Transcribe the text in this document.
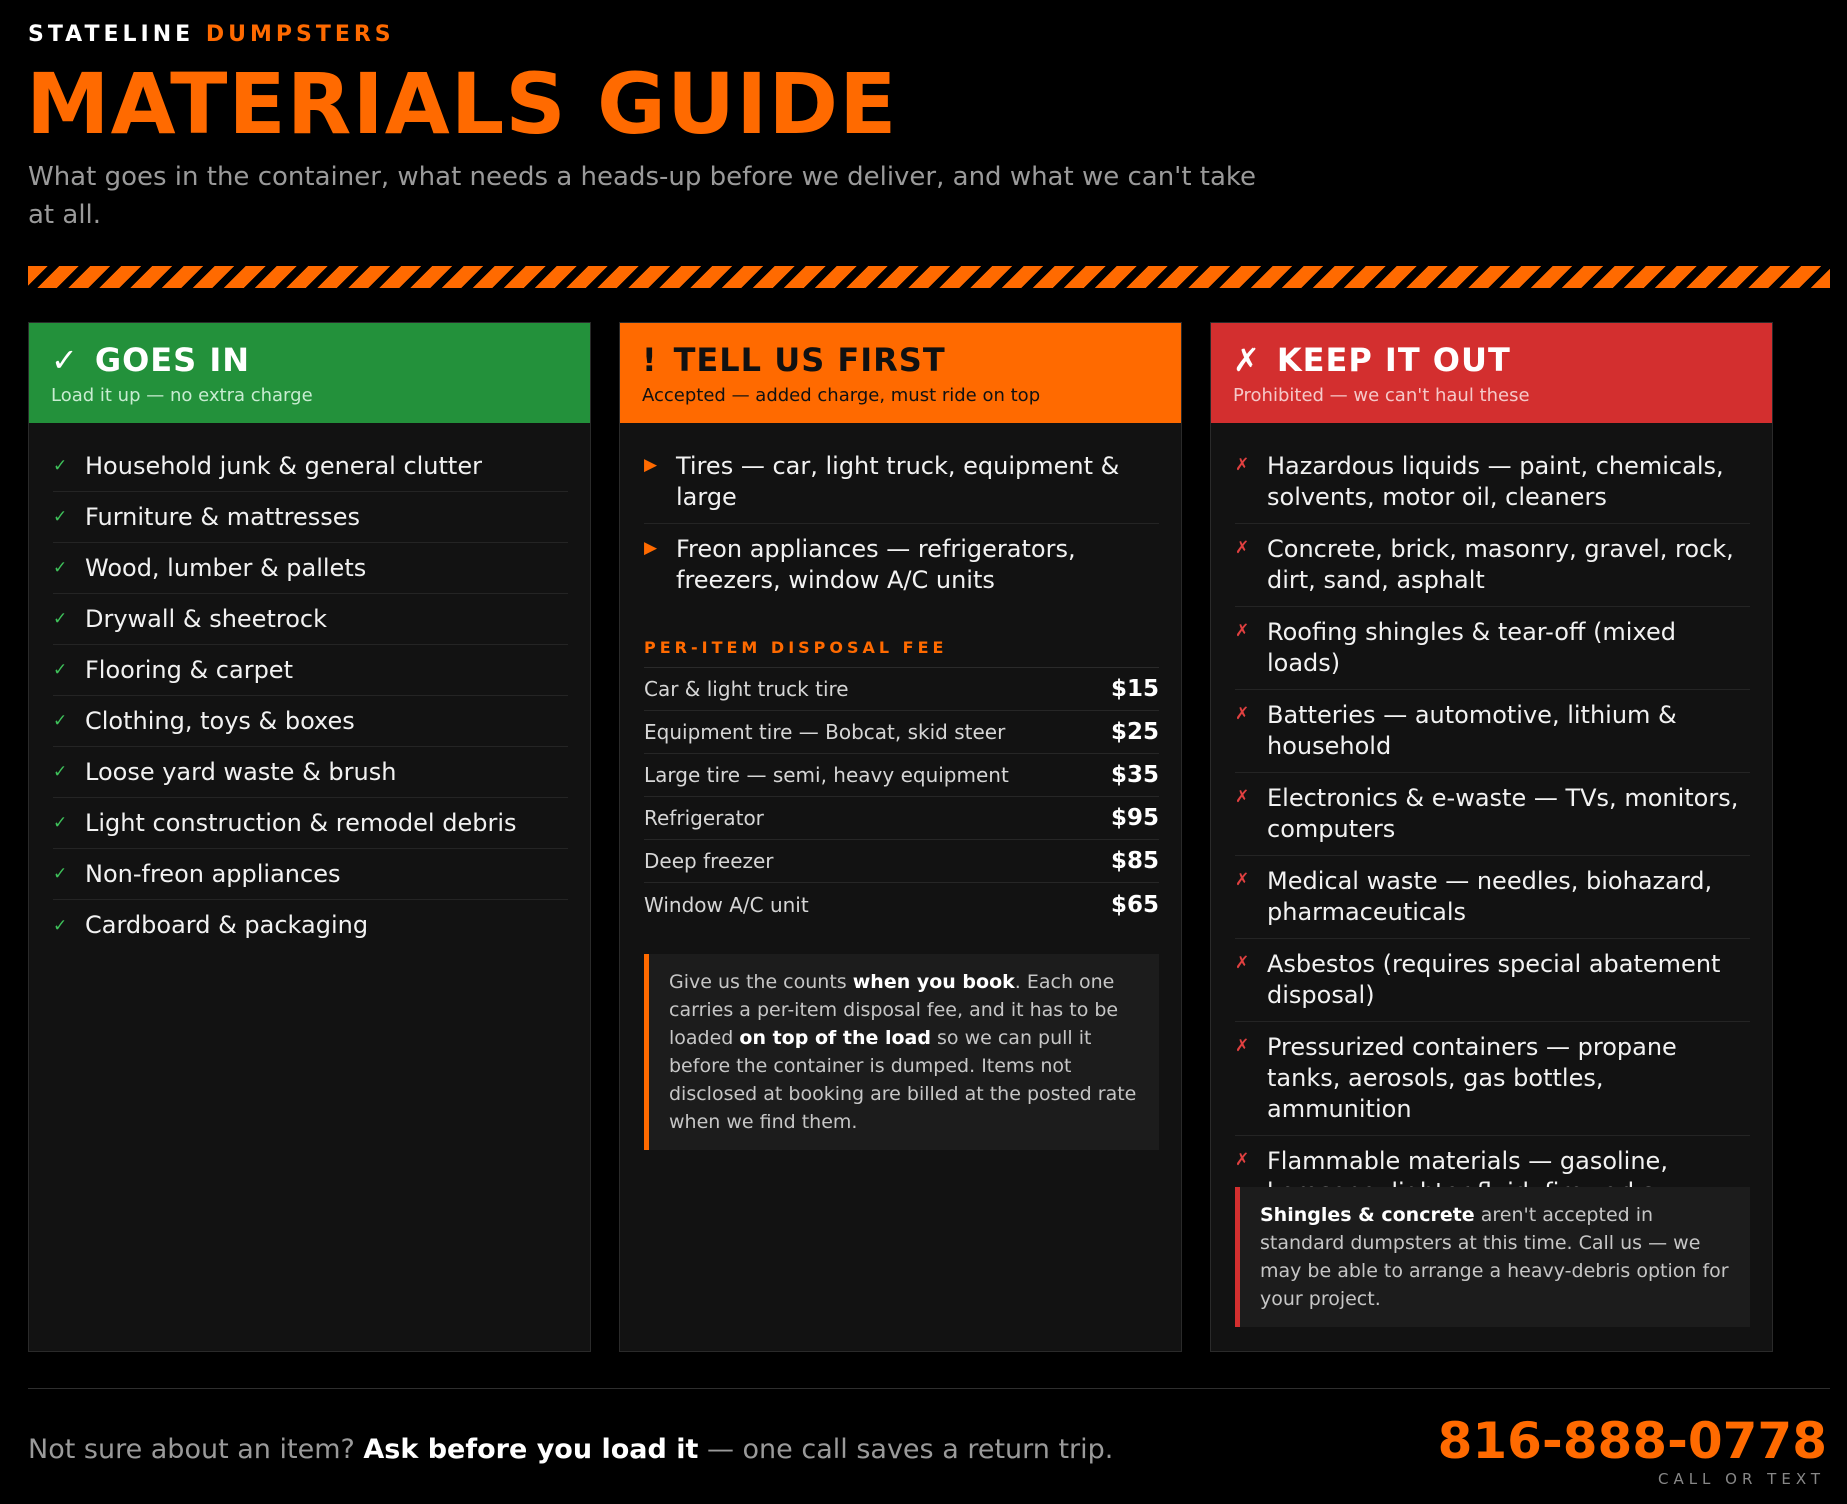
STATELINE DUMPSTERS
MATERIALS GUIDE
What goes in the container, what needs a heads-up before we deliver, and what we can't take at all.
✓ GOES IN
Load it up — no extra charge
✓ Household junk & general clutter
✓ Furniture & mattresses
✓ Wood, lumber & pallets
✓ Drywall & sheetrock
✓ Flooring & carpet
✓ Clothing, toys & boxes
✓ Loose yard waste & brush
✓ Light construction & remodel debris
✓ Non-freon appliances
✓ Cardboard & packaging
! TELL US FIRST
Accepted — added charge, must ride on top
▶ Tires — car, light truck, equipment & large
▶ Freon appliances — refrigerators, freezers, window A/C units
PER-ITEM DISPOSAL FEE
Car & light truck tire	$15
Equipment tire — Bobcat, skid steer	$25
Large tire — semi, heavy equipment	$35
Refrigerator	$95
Deep freezer	$85
Window A/C unit	$65
Give us the counts when you book. Each one carries a per-item disposal fee, and it has to be loaded on top of the load so we can pull it before the container is dumped. Items not disclosed at booking are billed at the posted rate when we find them.
✗ KEEP IT OUT
Prohibited — we can't haul these
✗ Hazardous liquids — paint, chemicals, solvents, motor oil, cleaners
✗ Concrete, brick, masonry, gravel, rock, dirt, sand, asphalt
✗ Roofing shingles & tear-off (mixed loads)
✗ Batteries — automotive, lithium & household
✗ Electronics & e-waste — TVs, monitors, computers
✗ Medical waste — needles, biohazard, pharmaceuticals
✗ Asbestos (requires special abatement disposal)
✗ Pressurized containers — propane tanks, aerosols, gas bottles, ammunition
✗ Flammable materials — gasoline,
Shingles & concrete aren't accepted in standard dumpsters at this time. Call us — we may be able to arrange a heavy-debris option for your project.
Not sure about an item? Ask before you load it — one call saves a return trip.	816-888-0778
CALL OR TEXT
